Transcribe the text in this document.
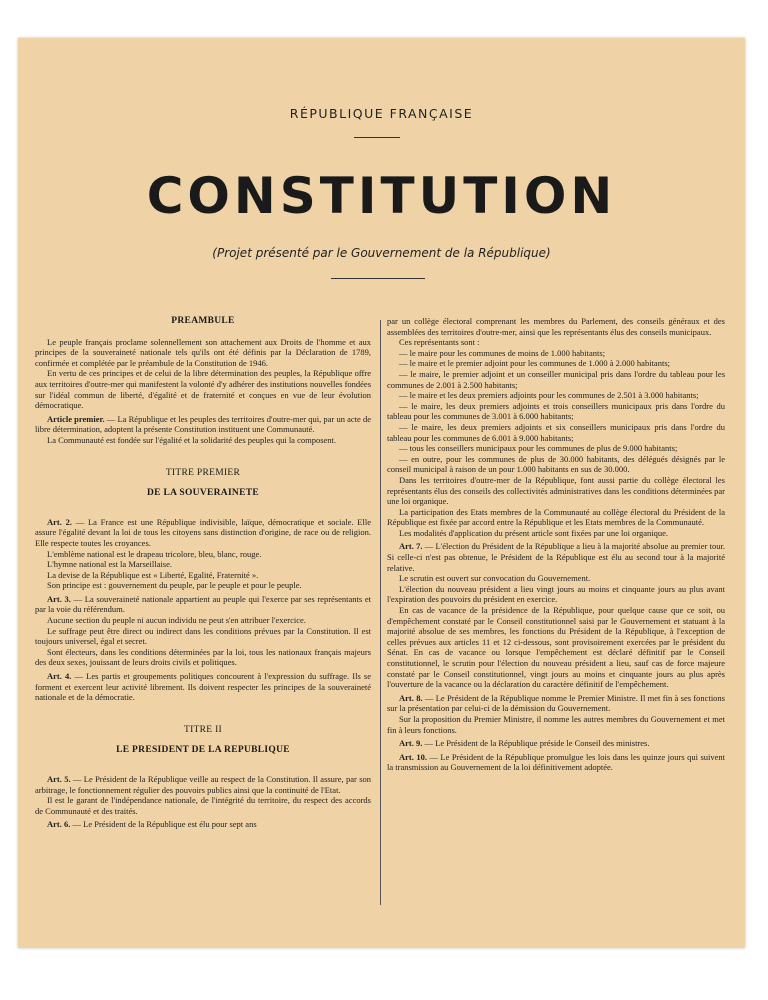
RÉPUBLIQUE FRANÇAISE
CONSTITUTION
(Projet présenté par le Gouvernement de la République)
PREAMBULE

Le peuple français proclame solennellement son attachement aux Droits de l'homme et aux principes de la souveraineté nationale tels qu'ils ont été définis par la Déclaration de 1789, confirmée et complétée par le préambule de la Constitution de 1946.

En vertu de ces principes et de celui de la libre détermination des peuples, la République offre aux territoires d'outre-mer qui manifestent la volonté d'y adhérer des institutions nouvelles fondées sur l'idéal commun de liberté, d'égalité et de fraternité et conçues en vue de leur évolution démocratique.

Article premier. — La République et les peuples des territoires d'outre-mer qui, par un acte de libre détermination, adoptent la présente Constitution instituent une Communauté.

La Communauté est fondée sur l'égalité et la solidarité des peuples qui la composent.

TITRE PREMIER
DE LA SOUVERAINETE

Art. 2. — La France est une République indivisible, laïque, démocratique et sociale. Elle assure l'égalité devant la loi de tous les citoyens sans distinction d'origine, de race ou de religion. Elle respecte toutes les croyances.

L'emblème national est le drapeau tricolore, bleu, blanc, rouge.

L'hymne national est la Marseillaise.

La devise de la République est « Liberté, Egalité, Fraternité ».

Son principe est : gouvernement du peuple, par le peuple et pour le peuple.

Art. 3. — La souveraineté nationale appartient au peuple qui l'exerce par ses représentants et par la voie du référendum.

Aucune section du peuple ni aucun individu ne peut s'en attribuer l'exercice.

Le suffrage peut être direct ou indirect dans les conditions prévues par la Constitution. Il est toujours universel, égal et secret.

Sont électeurs, dans les conditions déterminées par la loi, tous les nationaux français majeurs des deux sexes, jouissant de leurs droits civils et politiques.

Art. 4. — Les partis et groupements politiques concourent à l'expression du suffrage. Ils se forment et exercent leur activité librement. Ils doivent respecter les principes de la souveraineté nationale et de la démocratie.

TITRE II
LE PRESIDENT DE LA REPUBLIQUE

Art. 5. — Le Président de la République veille au respect de la Constitution. Il assure, par son arbitrage, le fonctionnement régulier des pouvoirs publics ainsi que la continuité de l'Etat.

Il est le garant de l'indépendance nationale, de l'intégrité du territoire, du respect des accords de Communauté et des traités.

Art. 6. — Le Président de la République est élu pour sept ans

par un collège électoral comprenant les membres du Parlement, des conseils généraux et des assemblées des territoires d'outre-mer, ainsi que les représentants élus des conseils municipaux.

Ces représentants sont :

— le maire pour les communes de moins de 1.000 habitants;

— le maire et le premier adjoint pour les communes de 1.000 à 2.000 habitants;

— le maire, le premier adjoint et un conseiller municipal pris dans l'ordre du tableau pour les communes de 2.001 à 2.500 habitants;

— le maire et les deux premiers adjoints pour les communes de 2.501 à 3.000 habitants;

— le maire, les deux premiers adjoints et trois conseillers municipaux pris dans l'ordre du tableau pour les communes de 3.001 à 6.000 habitants;

— le maire, les deux premiers adjoints et six conseillers municipaux pris dans l'ordre du tableau pour les communes de 6.001 à 9.000 habitants;

— tous les conseillers municipaux pour les communes de plus de 9.000 habitants;

— en outre, pour les communes de plus de 30.000 habitants, des délégués désignés par le conseil municipal à raison de un pour 1.000 habitants en sus de 30.000.

Dans les territoires d'outre-mer de la République, font aussi partie du collège électoral les représentants élus des conseils des collectivités administratives dans les conditions déterminées par une loi organique.

La participation des Etats membres de la Communauté au collège électoral du Président de la République est fixée par accord entre la République et les Etats membres de la Communauté.

Les modalités d'application du présent article sont fixées par une loi organique.

Art. 7. — L'élection du Président de la République a lieu à la majorité absolue au premier tour. Si celle-ci n'est pas obtenue, le Président de la République est élu au second tour à la majorité relative.

Le scrutin est ouvert sur convocation du Gouvernement.

L'élection du nouveau président a lieu vingt jours au moins et cinquante jours au plus avant l'expiration des pouvoirs du président en exercice.

En cas de vacance de la présidence de la République, pour quelque cause que ce soit, ou d'empêchement constaté par le Conseil constitutionnel saisi par le Gouvernement et statuant à la majorité absolue de ses membres, les fonctions du Président de la République, à l'exception de celles prévues aux articles 11 et 12 ci-dessous, sont provisoirement exercées par le président du Sénat. En cas de vacance ou lorsque l'empêchement est déclaré définitif par le Conseil constitutionnel, le scrutin pour l'élection du nouveau président a lieu, sauf cas de force majeure constaté par le Conseil constitutionnel, vingt jours au moins et cinquante jours au plus après l'ouverture de la vacance ou la déclaration du caractère définitif de l'empêchement.

Art. 8. — Le Président de la République nomme le Premier Ministre. Il met fin à ses fonctions sur la présentation par celui-ci de la démission du Gouvernement.

Sur la proposition du Premier Ministre, il nomme les autres membres du Gouvernement et met fin à leurs fonctions.

Art. 9. — Le Président de la République préside le Conseil des ministres.

Art. 10. — Le Président de la République promulgue les lois dans les quinze jours qui suivent la transmission au Gouvernement de la loi définitivement adoptée.
